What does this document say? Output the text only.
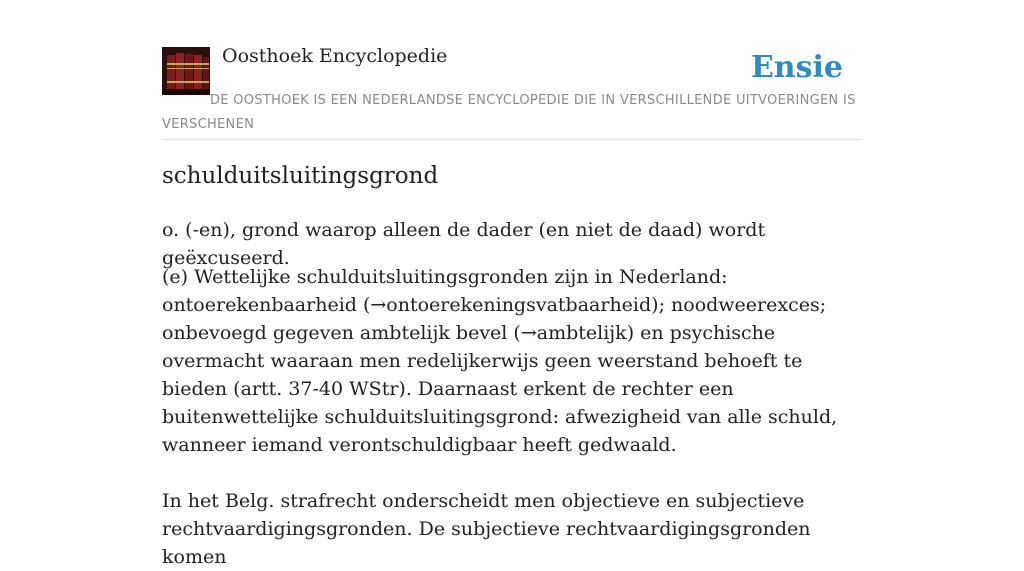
Oosthoek Encyclopedie	Ensie
DE OOSTHOEK IS EEN NEDERLANDSE ENCYCLOPEDIE DIE IN VERSCHILLENDE UITVOERINGEN IS VERSCHENEN
schulduitsluitingsgrond

o. (-en), grond waarop alleen de dader (en niet de daad) wordt geëxcuseerd.

(e) Wettelijke schulduitsluitingsgronden zijn in Nederland: ontoerekenbaarheid (→ontoerekeningsvatbaarheid); noodweerexces; onbevoegd gegeven ambtelijk bevel (→ambtelijk) en psychische overmacht waaraan men redelijkerwijs geen weerstand behoeft te bieden (artt. 37-40 WStr). Daarnaast erkent de rechter een buitenwettelijke schulduitsluitingsgrond: afwezigheid van alle schuld, wanneer iemand verontschuldigbaar heeft gedwaald.
In het Belg. strafrecht onderscheidt men objectieve en subjectieve rechtvaardigingsgronden. De subjectieve rechtvaardigingsgronden komen
